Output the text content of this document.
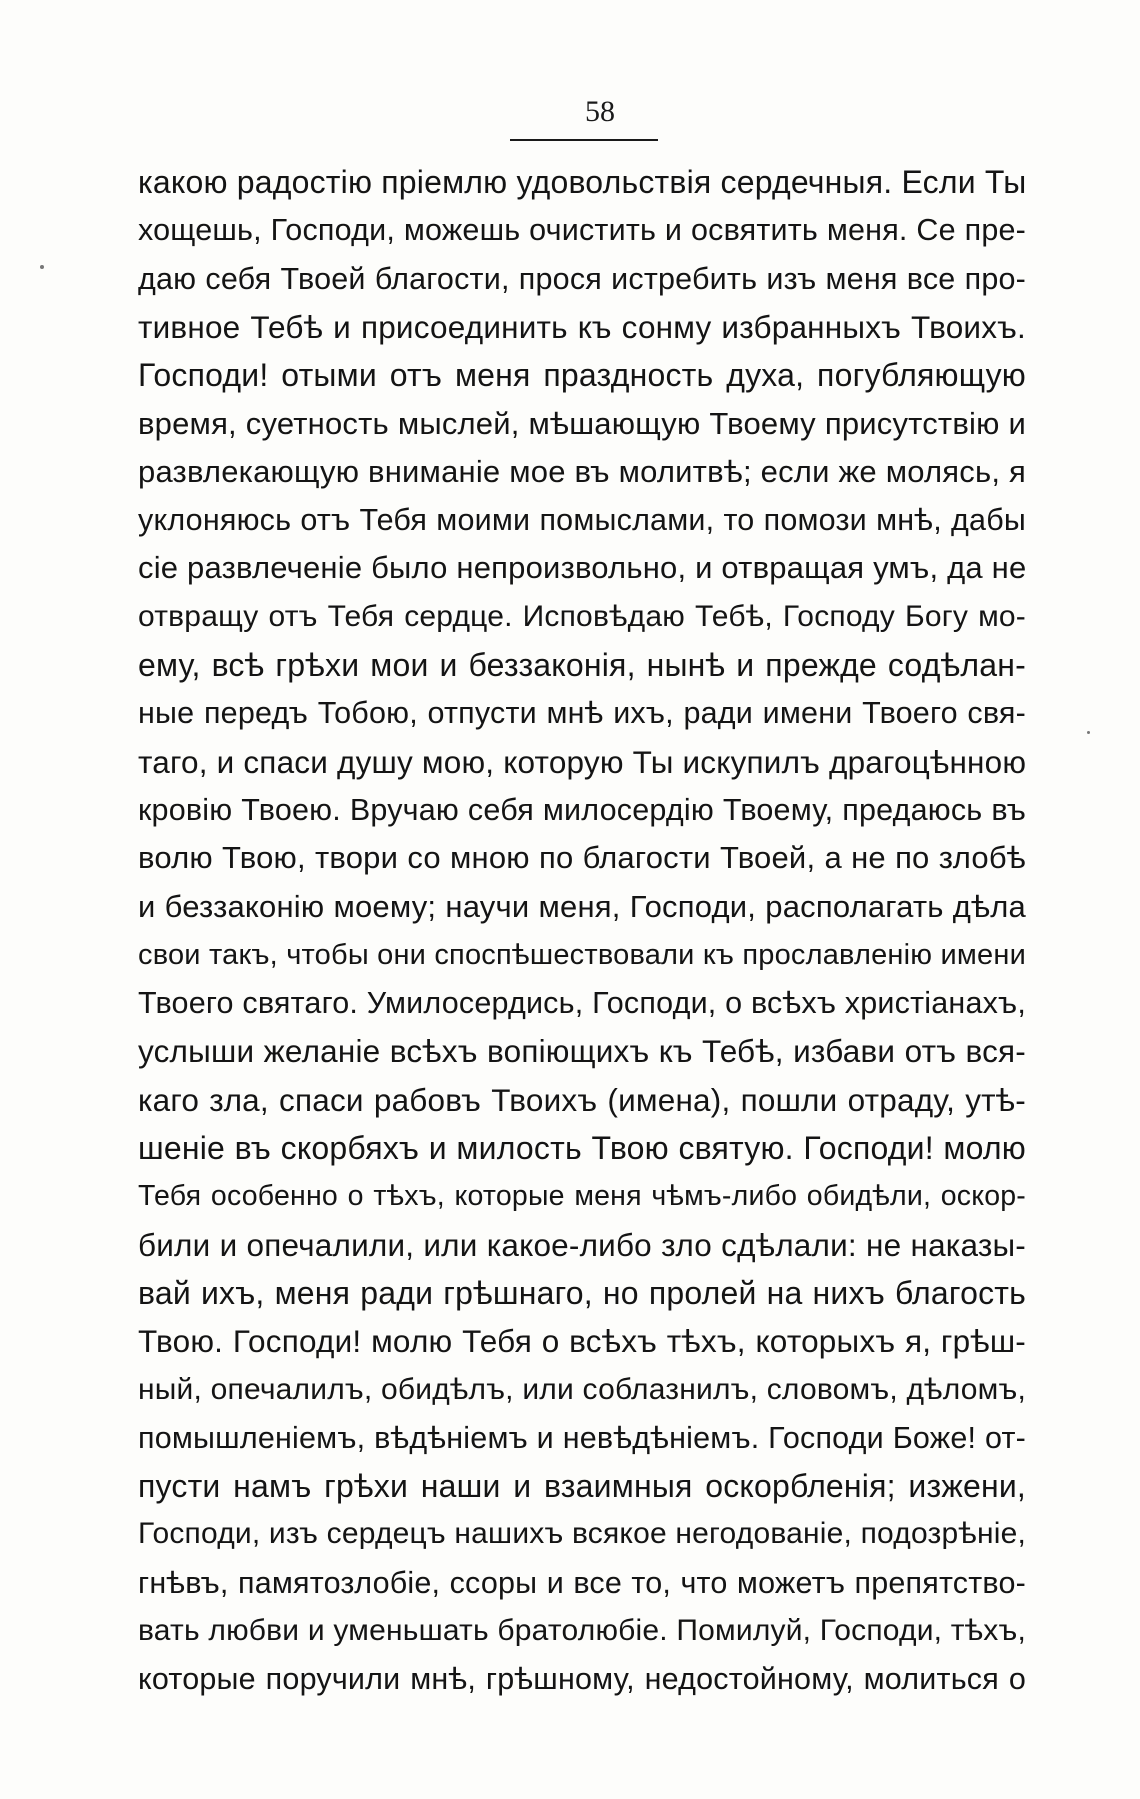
58
какою радостію пріемлю удовольствія сердечныя. Если Ты
хощешь, Господи, можешь очистить и освятить меня. Се пре-
даю себя Твоей благости, прося истребить изъ меня все про-
тивное Тебѣ и присоединить къ сонму избранныхъ Твоихъ.
Господи! отыми отъ меня праздность духа, погубляющую
время, суетность мыслей, мѣшающую Твоему присутствію и
развлекающую вниманіе мое въ молитвѣ; если же молясь, я
уклоняюсь отъ Тебя моими помыслами, то помози мнѣ, дабы
сіе развлеченіе было непроизвольно, и отвращая умъ, да не
отвращу отъ Тебя сердце. Исповѣдаю Тебѣ, Господу Богу мо-
ему, всѣ грѣхи мои и беззаконія, нынѣ и прежде содѣлан-
ные передъ Тобою, отпусти мнѣ ихъ, ради имени Твоего свя-
таго, и спаси душу мою, которую Ты искупилъ драгоцѣнною
кровію Твоею. Вручаю себя милосердію Твоему, предаюсь въ
волю Твою, твори со мною по благости Твоей, а не по злобѣ
и беззаконію моему; научи меня, Господи, располагать дѣла
свои такъ, чтобы они споспѣшествовали къ прославленію имени
Твоего святаго. Умилосердись, Господи, о всѣхъ христіанахъ,
услыши желаніе всѣхъ вопіющихъ къ Тебѣ, избави отъ вся-
каго зла, спаси рабовъ Твоихъ (имена), пошли отраду, утѣ-
шеніе въ скорбяхъ и милость Твою святую. Господи! молю
Тебя особенно о тѣхъ, которые меня чѣмъ-либо обидѣли, оскор-
били и опечалили, или какое-либо зло сдѣлали: не наказы-
вай ихъ, меня ради грѣшнаго, но пролей на нихъ благость
Твою. Господи! молю Тебя о всѣхъ тѣхъ, которыхъ я, грѣш-
ный, опечалилъ, обидѣлъ, или соблазнилъ, словомъ, дѣломъ,
помышленіемъ, вѣдѣніемъ и невѣдѣніемъ. Господи Боже! от-
пусти намъ грѣхи наши и взаимныя оскорбленія; изжени,
Господи, изъ сердецъ нашихъ всякое негодованіе, подозрѣніе,
гнѣвъ, памятозлобіе, ссоры и все то, что можетъ препятство-
вать любви и уменьшать братолюбіе. Помилуй, Господи, тѣхъ,
которые поручили мнѣ, грѣшному, недостойному, молиться о
